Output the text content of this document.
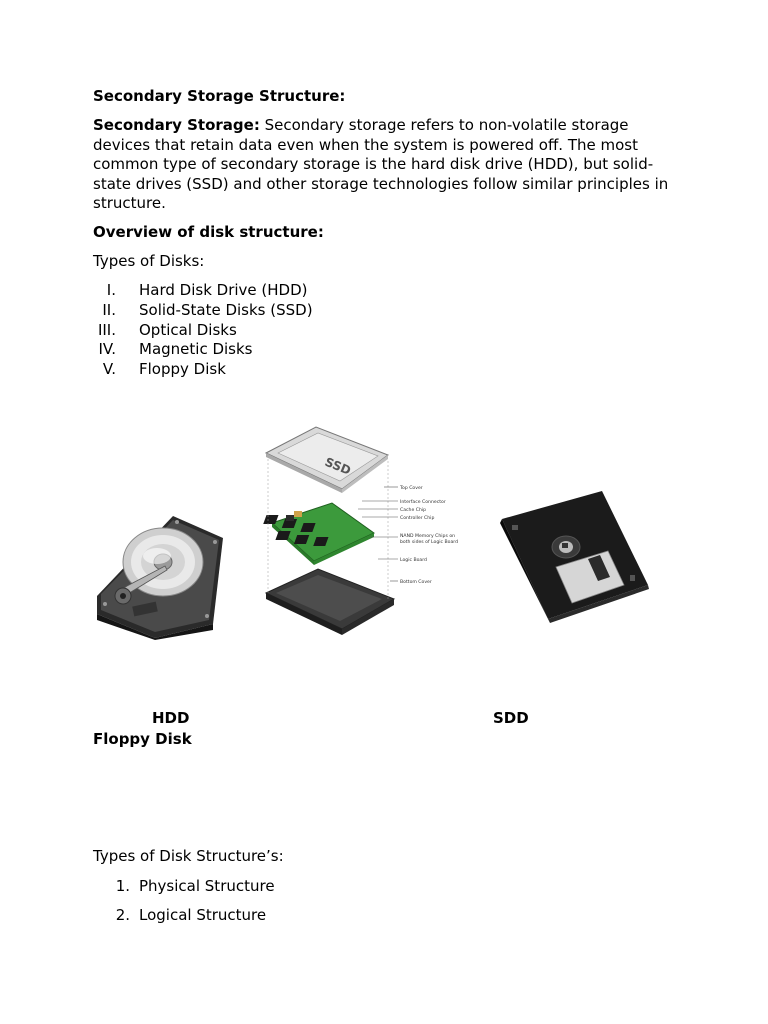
Secondary Storage Structure:
Secondary Storage: Secondary storage refers to non-volatile storage devices that retain data even when the system is powered off. The most common type of secondary storage is the hard disk drive (HDD), but solid-state drives (SSD) and other storage technologies follow similar principles in structure.
Overview of disk structure:
Types of Disks:
I. Hard Disk Drive (HDD)
II. Solid-State Disks (SSD)
III. Optical Disks
IV. Magnetic Disks
V. Floppy Disk
SSD
Top Cover
Interface Connector
Cache Chip
Controller Chip
NAND Memory Chips on
both sides of Logic Board
Logic Board
Bottom Cover
HDD	SDD
Floppy Disk
Types of Disk Structure’s:
1. Physical Structure
2. Logical Structure
